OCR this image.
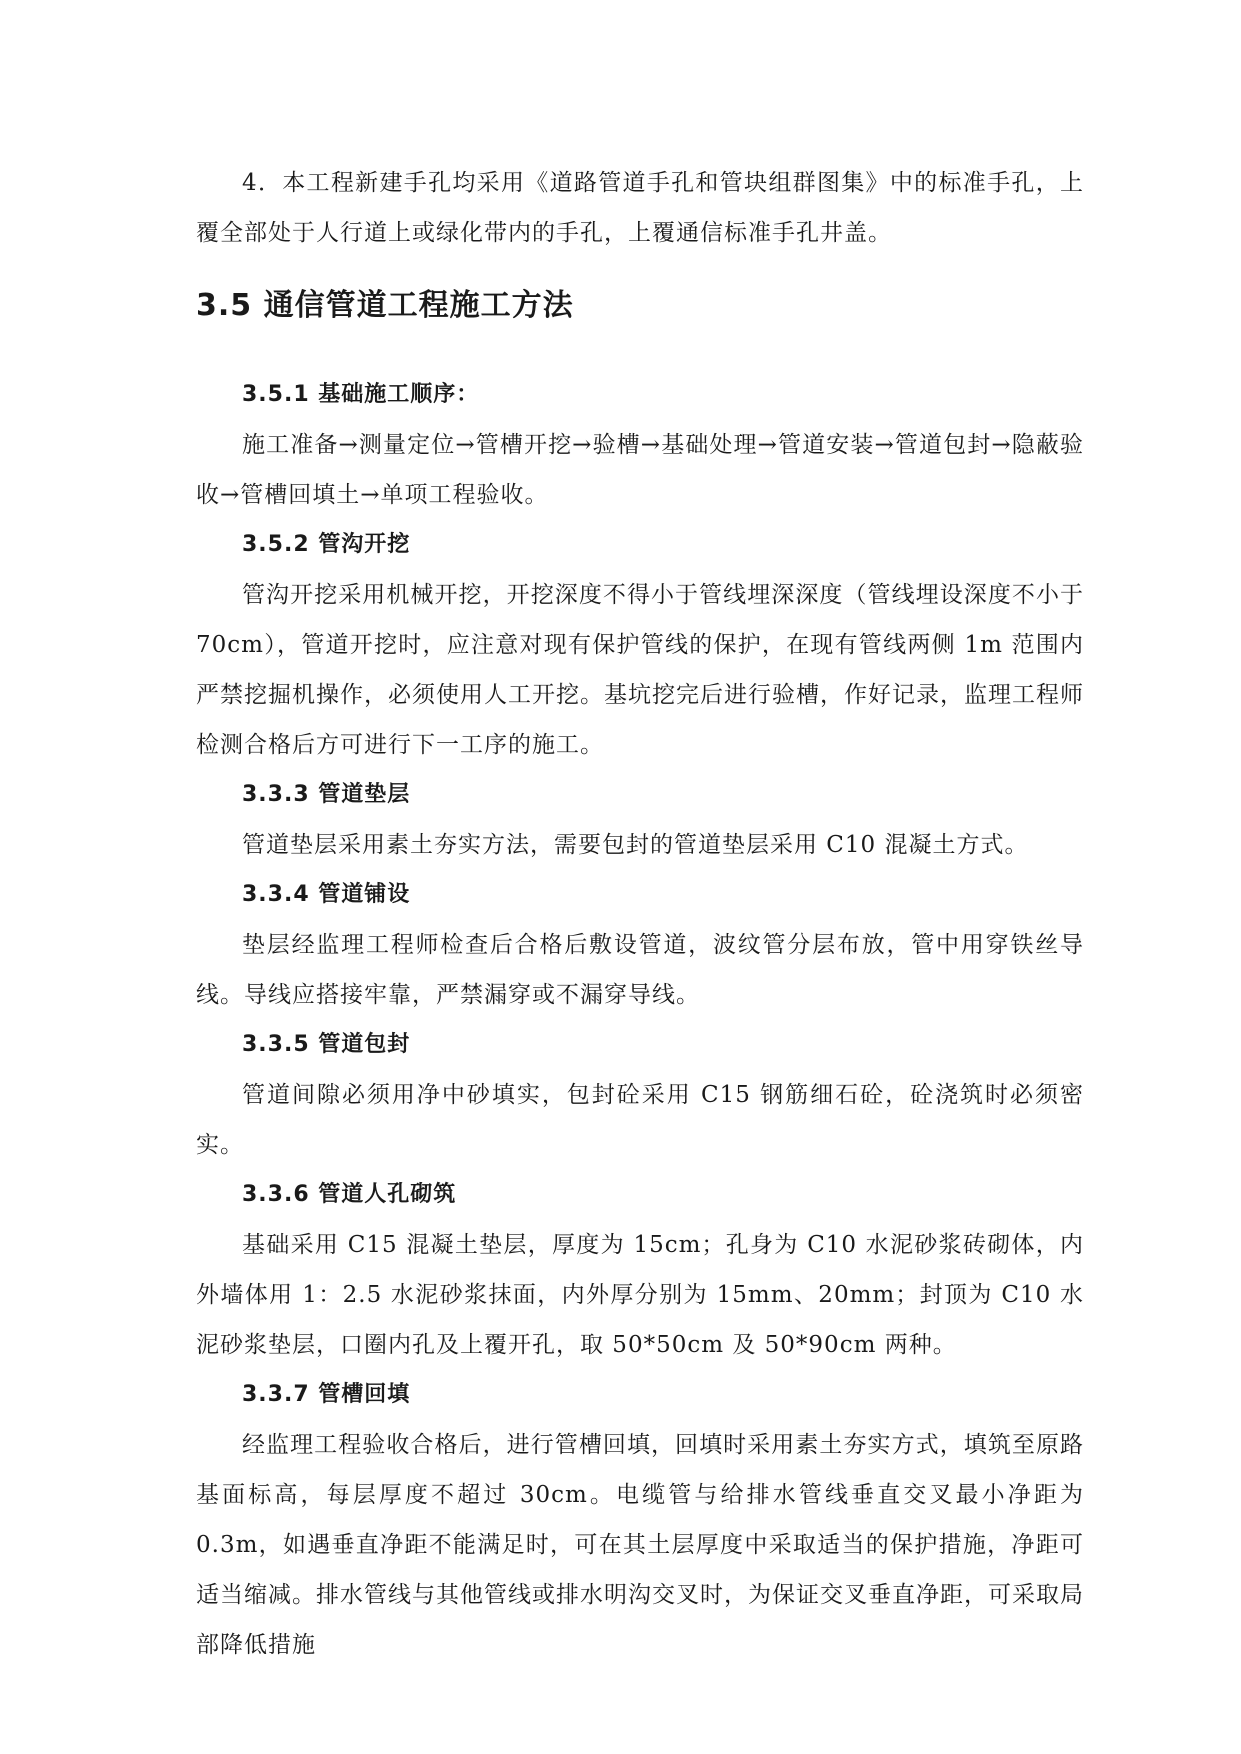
4．本工程新建手孔均采用《道路管道手孔和管块组群图集》中的标准手孔，上覆全部处于人行道上或绿化带内的手孔，上覆通信标准手孔井盖。

3.5 通信管道工程施工方法
3.5.1 基础施工顺序：

施工准备→测量定位→管槽开挖→验槽→基础处理→管道安装→管道包封→隐蔽验收→管槽回填土→单项工程验收。

3.5.2 管沟开挖

管沟开挖采用机械开挖，开挖深度不得小于管线埋深深度（管线埋设深度不小于 70cm），管道开挖时，应注意对现有保护管线的保护，在现有管线两侧 1m 范围内严禁挖掘机操作，必须使用人工开挖。基坑挖完后进行验槽，作好记录，监理工程师检测合格后方可进行下一工序的施工。

3.3.3 管道垫层

管道垫层采用素土夯实方法，需要包封的管道垫层采用 C10 混凝土方式。

3.3.4 管道铺设

垫层经监理工程师检查后合格后敷设管道，波纹管分层布放，管中用穿铁丝导线。导线应搭接牢靠，严禁漏穿或不漏穿导线。

3.3.5 管道包封

管道间隙必须用净中砂填实，包封砼采用 C15 钢筋细石砼，砼浇筑时必须密实。

3.3.6 管道人孔砌筑

基础采用 C15 混凝土垫层，厚度为 15cm；孔身为 C10 水泥砂浆砖砌体，内外墙体用 1：2.5 水泥砂浆抹面，内外厚分别为 15mm、20mm；封顶为 C10 水泥砂浆垫层，口圈内孔及上覆开孔，取 50*50cm 及 50*90cm 两种。

3.3.7 管槽回填

经监理工程验收合格后，进行管槽回填，回填时采用素土夯实方式，填筑至原路基面标高，每层厚度不超过 30cm。电缆管与给排水管线垂直交叉最小净距为 0.3m，如遇垂直净距不能满足时，可在其土层厚度中采取适当的保护措施，净距可适当缩减。排水管线与其他管线或排水明沟交叉时，为保证交叉垂直净距，可采取局部降低措施
